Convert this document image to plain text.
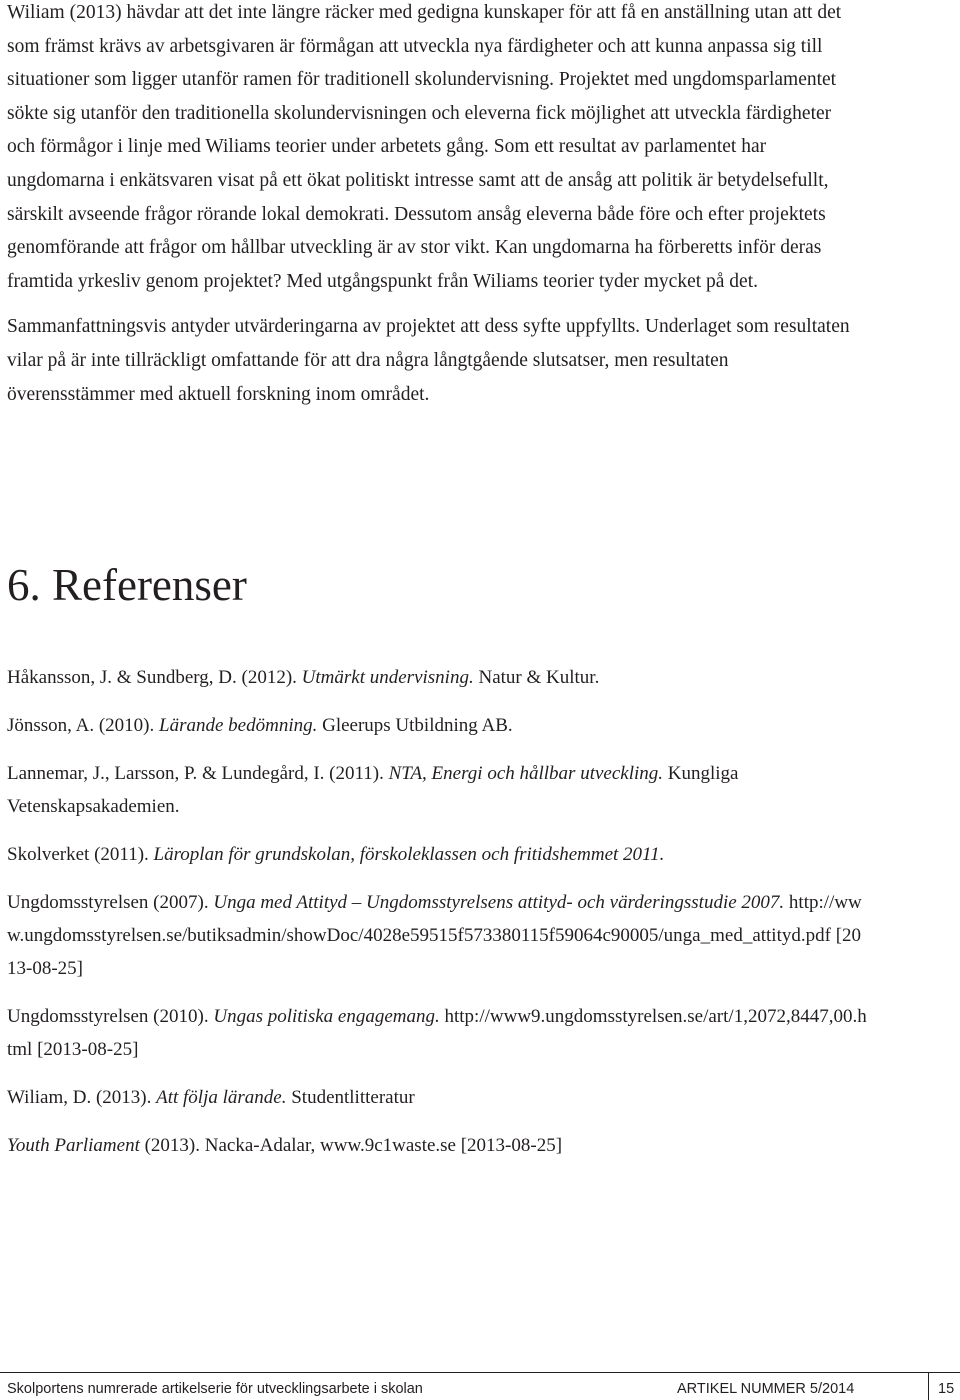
Wiliam (2013) hävdar att det inte längre räcker med gedigna kunskaper för att få en anställning utan att det som främst krävs av arbetsgivaren är förmågan att utveckla nya färdigheter och att kunna anpassa sig till situationer som ligger utanför ramen för traditionell skolundervisning. Projektet med ungdomsparlamentet sökte sig utanför den traditionella skolundervisningen och eleverna fick möjlighet att utveckla färdigheter och förmågor i linje med Wiliams teorier under arbetets gång. Som ett resultat av parlamentet har ungdomarna i enkätsvaren visat på ett ökat politiskt intresse samt att de ansåg att politik är betydelsefullt, särskilt avseende frågor rörande lokal demokrati. Dessutom ansåg eleverna både före och efter projektets genomförande att frågor om hållbar utveckling är av stor vikt. Kan ungdomarna ha förberetts inför deras framtida yrkesliv genom projektet? Med utgångspunkt från Wiliams teorier tyder mycket på det.

Sammanfattningsvis antyder utvärderingarna av projektet att dess syfte uppfyllts. Underlaget som resultaten vilar på är inte tillräckligt omfattande för att dra några långtgående slutsatser, men resultaten överensstämmer med aktuell forskning inom området.

6. Referenser

Håkansson, J. & Sundberg, D. (2012). Utmärkt undervisning. Natur & Kultur.

Jönsson, A. (2010). Lärande bedömning. Gleerups Utbildning AB.

Lannemar, J., Larsson, P. & Lundegård, I. (2011). NTA, Energi och hållbar utveckling. Kungliga Vetenskapsakademien.

Skolverket (2011). Läroplan för grundskolan, förskoleklassen och fritidshemmet 2011.

Ungdomsstyrelsen (2007). Unga med Attityd – Ungdomsstyrelsens attityd- och värderingsstudie 2007. http://www.ungdomsstyrelsen.se/butiksadmin/showDoc/4028e59515f573380115f59064c90005/unga_med_attityd.pdf [2013-08-25]

Ungdomsstyrelsen (2010). Ungas politiska engagemang. http://www9.ungdomsstyrelsen.se/art/1,2072,8447,00.html [2013-08-25]

Wiliam, D. (2013). Att följa lärande. Studentlitteratur

Youth Parliament (2013). Nacka-Adalar, www.9c1waste.se [2013-08-25]

Skolportens numrerade artikelserie för utvecklingsarbete i skolan	ARTIKEL NUMMER 5/2014	15
